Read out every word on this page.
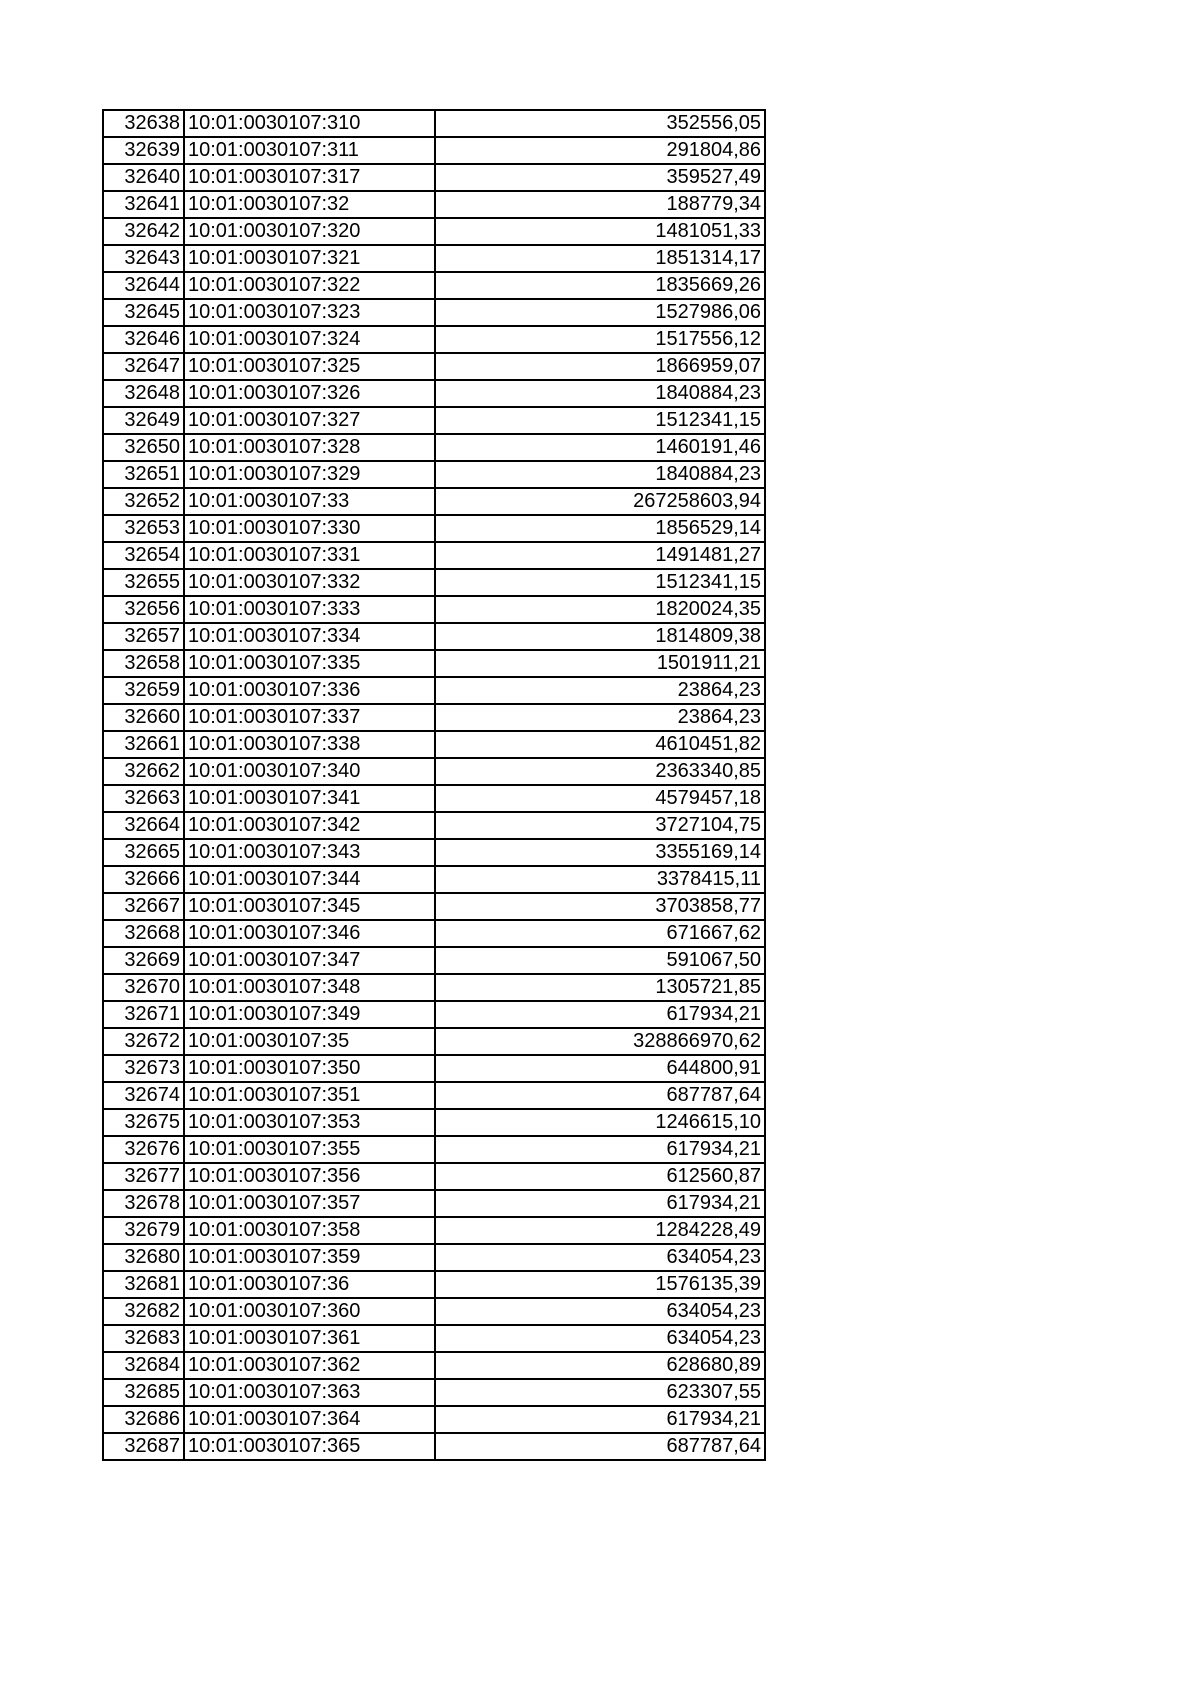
32638	10:01:0030107:310	352556,05
32639	10:01:0030107:311	291804,86
32640	10:01:0030107:317	359527,49
32641	10:01:0030107:32	188779,34
32642	10:01:0030107:320	1481051,33
32643	10:01:0030107:321	1851314,17
32644	10:01:0030107:322	1835669,26
32645	10:01:0030107:323	1527986,06
32646	10:01:0030107:324	1517556,12
32647	10:01:0030107:325	1866959,07
32648	10:01:0030107:326	1840884,23
32649	10:01:0030107:327	1512341,15
32650	10:01:0030107:328	1460191,46
32651	10:01:0030107:329	1840884,23
32652	10:01:0030107:33	267258603,94
32653	10:01:0030107:330	1856529,14
32654	10:01:0030107:331	1491481,27
32655	10:01:0030107:332	1512341,15
32656	10:01:0030107:333	1820024,35
32657	10:01:0030107:334	1814809,38
32658	10:01:0030107:335	1501911,21
32659	10:01:0030107:336	23864,23
32660	10:01:0030107:337	23864,23
32661	10:01:0030107:338	4610451,82
32662	10:01:0030107:340	2363340,85
32663	10:01:0030107:341	4579457,18
32664	10:01:0030107:342	3727104,75
32665	10:01:0030107:343	3355169,14
32666	10:01:0030107:344	3378415,11
32667	10:01:0030107:345	3703858,77
32668	10:01:0030107:346	671667,62
32669	10:01:0030107:347	591067,50
32670	10:01:0030107:348	1305721,85
32671	10:01:0030107:349	617934,21
32672	10:01:0030107:35	328866970,62
32673	10:01:0030107:350	644800,91
32674	10:01:0030107:351	687787,64
32675	10:01:0030107:353	1246615,10
32676	10:01:0030107:355	617934,21
32677	10:01:0030107:356	612560,87
32678	10:01:0030107:357	617934,21
32679	10:01:0030107:358	1284228,49
32680	10:01:0030107:359	634054,23
32681	10:01:0030107:36	1576135,39
32682	10:01:0030107:360	634054,23
32683	10:01:0030107:361	634054,23
32684	10:01:0030107:362	628680,89
32685	10:01:0030107:363	623307,55
32686	10:01:0030107:364	617934,21
32687	10:01:0030107:365	687787,64
